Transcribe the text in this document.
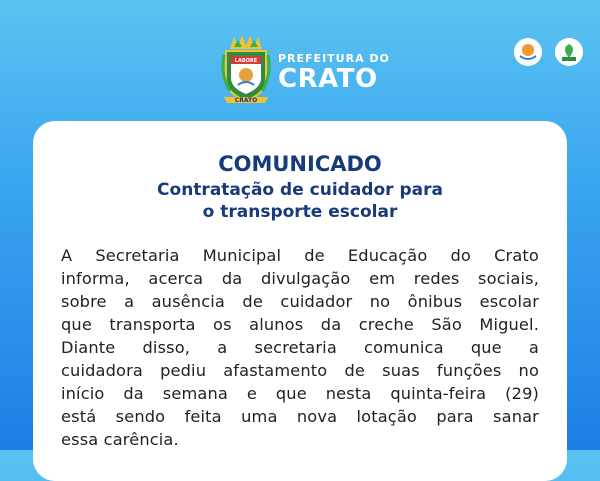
CRATO
LABORE PREFEITURA DO
CRATO
COMUNICADO
Contratação de cuidador para
o transporte escolar
A Secretaria Municipal de Educação do Crato
informa, acerca da divulgação em redes sociais,
sobre a ausência de cuidador no ônibus escolar
que transporta os alunos da creche São Miguel.
Diante disso, a secretaria comunica que a
cuidadora pediu afastamento de suas funções no
início da semana e que nesta quinta-feira (29)
está sendo feita uma nova lotação para sanar
essa carência.
